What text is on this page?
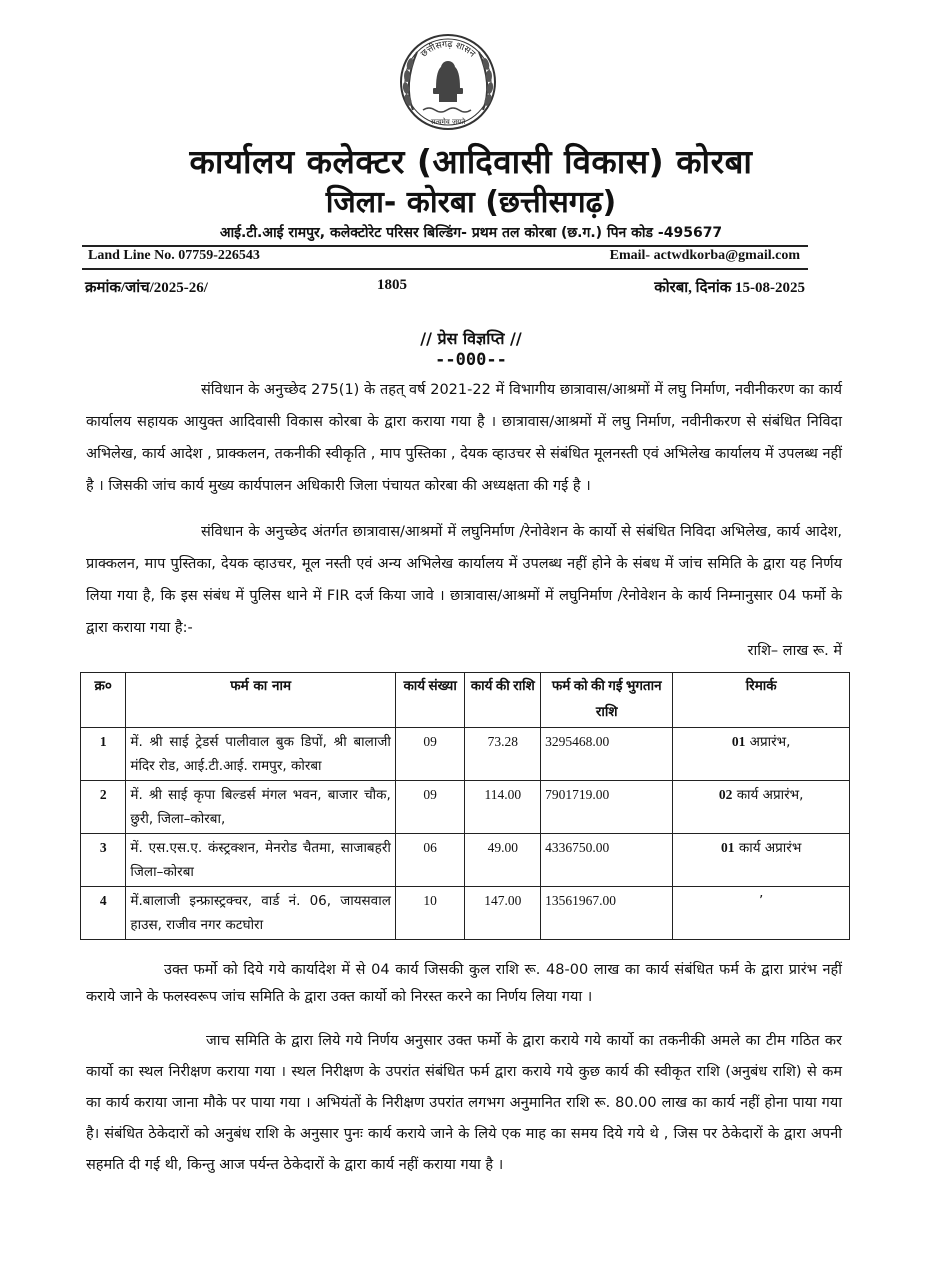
छत्तीसगढ़ शासन
सत्यमेव जयते
कार्यालय कलेक्टर (आदिवासी विकास) कोरबा
जिला- कोरबा (छत्तीसगढ़)
आई.टी.आई रामपुर, कलेक्टोरेट परिसर बिल्डिंग- प्रथम तल कोरबा (छ.ग.) पिन कोड -495677
Land Line No. 07759-226543	Email- actwdkorba@gmail.com
क्रमांक/जांच/2025-26/	1805	कोरबा, दिनांक 15-08-2025
// प्रेस विज्ञप्ति //
--000--
संविधान के अनुच्छेद 275(1) के तहत् वर्ष 2021-22 में विभागीय छात्रावास/आश्रमों में लघु निर्माण, नवीनीकरण का कार्य कार्यालय सहायक आयुक्त आदिवासी विकास कोरबा के द्वारा कराया गया है । छात्रावास/आश्रमों में लघु निर्माण, नवीनीकरण से संबंधित निविदा अभिलेख, कार्य आदेश , प्राक्कलन, तकनीकी स्वीकृति , माप पुस्तिका , देयक व्हाउचर से संबंधित मूलनस्ती एवं अभिलेख कार्यालय में उपलब्ध नहीं है । जिसकी जांच कार्य मुख्य कार्यपालन अधिकारी जिला पंचायत कोरबा की अध्यक्षता की गई है ।
संविधान के अनुच्छेद अंतर्गत छात्रावास/आश्रमों में लघुनिर्माण /रेनोवेशन के कार्यो से संबंधित निविदा अभिलेख, कार्य आदेश, प्राक्कलन, माप पुस्तिका, देयक व्हाउचर, मूल नस्ती एवं अन्य अभिलेख कार्यालय में उपलब्ध नहीं होने के संबध में जांच समिति के द्वारा यह निर्णय लिया गया है, कि इस संबंध में पुलिस थाने में FIR दर्ज किया जावे । छात्रावास/आश्रमों में लघुनिर्माण /रेनोवेशन के कार्य निम्नानुसार 04 फर्मो के द्वारा कराया गया है:-
राशि– लाख रू. में
क्र०	फर्म का नाम	कार्य संख्या	कार्य की राशि	फर्म को की गई भुगतान राशि	रिमार्क
1	में. श्री साई ट्रेडर्स पालीवाल बुक डिपों, श्री बालाजी मंदिर रोड, आई.टी.आई. रामपुर, कोरबा	09	73.28	3295468.00	01 अप्रारंभ,
2	में. श्री साई कृपा बिल्डर्स मंगल भवन, बाजार चौक, छुरी, जिला–कोरबा,	09	114.00	7901719.00	02 कार्य अप्रारंभ,
3	में. एस.एस.ए. कंस्ट्रक्शन, मेनरोड चैतमा, साजाबहरी जिला–कोरबा	06	49.00	4336750.00	01 कार्य अप्रारंभ
4	में.बालाजी इन्फ्रास्ट्रक्चर, वार्ड नं. 06, जायसवाल हाउस, राजीव नगर कटघोरा	10	147.00	13561967.00	’
उक्त फर्मो को दिये गये कार्यादेश में से 04 कार्य जिसकी कुल राशि रू. 48-00 लाख का कार्य संबंधित फर्म के द्वारा प्रारंभ नहीं कराये जाने के फलस्वरूप जांच समिति के द्वारा उक्त कार्यो को निरस्त करने का निर्णय लिया गया ।
जाच समिति के द्वारा लिये गये निर्णय अनुसार उक्त फर्मो के द्वारा कराये गये कार्यो का तकनीकी अमले का टीम गठित कर कार्यो का स्थल निरीक्षण कराया गया । स्थल निरीक्षण के उपरांत संबंधित फर्म द्वारा कराये गये कुछ कार्य की स्वीकृत राशि (अनुबंध राशि) से कम का कार्य कराया जाना मौके पर पाया गया । अभियंतों के निरीक्षण उपरांत लगभग अनुमानित राशि रू. 80.00 लाख का कार्य नहीं होना पाया गया है। संबंधित ठेकेदारों को अनुबंध राशि के अनुसार पुनः कार्य कराये जाने के लिये एक माह का समय दिये गये थे , जिस पर ठेकेदारों के द्वारा अपनी सहमति दी गई थी, किन्तु आज पर्यन्त ठेकेदारों के द्वारा कार्य नहीं कराया गया है ।
